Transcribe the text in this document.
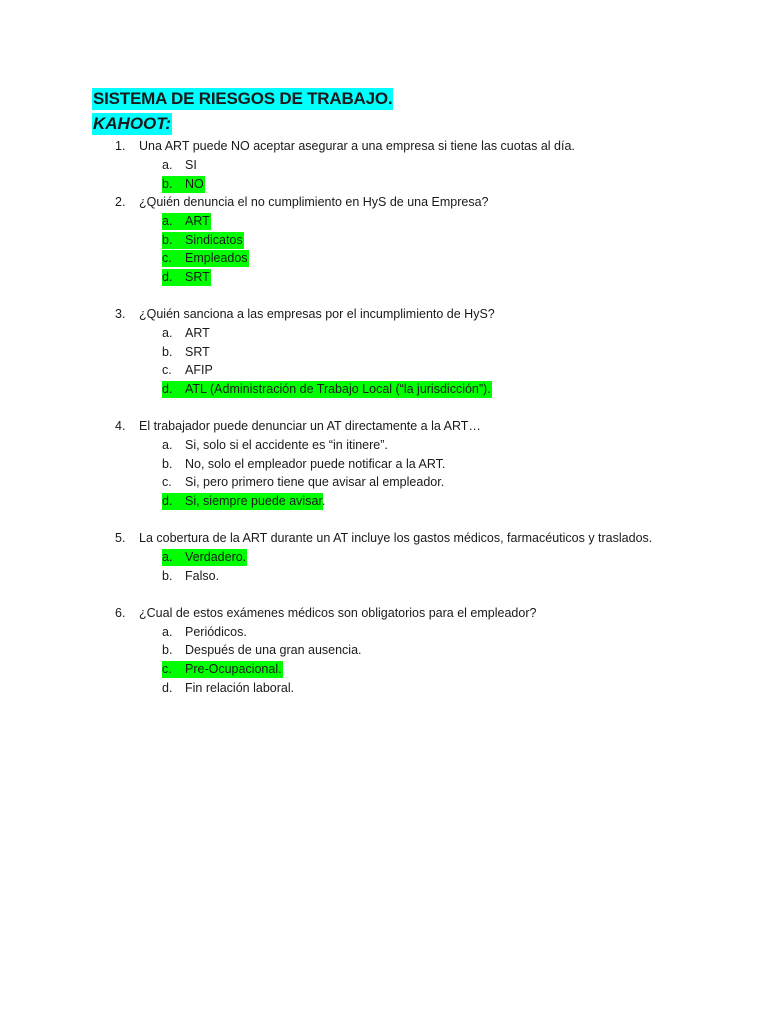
SISTEMA DE RIESGOS DE TRABAJO.
KAHOOT:
1. Una ART puede NO aceptar asegurar a una empresa si tiene las cuotas al día.
a. SI
b. NO
2. ¿Quién denuncia el no cumplimiento en HyS de una Empresa?
a. ART
b. Sindicatos
c. Empleados
d. SRT
3. ¿Quién sanciona a las empresas por el incumplimiento de HyS?
a. ART
b. SRT
c. AFIP
d. ATL (Administración de Trabajo Local (“la jurisdicción”).
4. El trabajador puede denunciar un AT directamente a la ART…
a. Si, solo si el accidente es “in itinere”.
b. No, solo el empleador puede notificar a la ART.
c. Si, pero primero tiene que avisar al empleador.
d. Si, siempre puede avisar.
5. La cobertura de la ART durante un AT incluye los gastos médicos, farmacéuticos y traslados.
a. Verdadero.
b. Falso.
6. ¿Cual de estos exámenes médicos son obligatorios para el empleador?
a. Periódicos.
b. Después de una gran ausencia.
c. Pre-Ocupacional.
d. Fin relación laboral.
